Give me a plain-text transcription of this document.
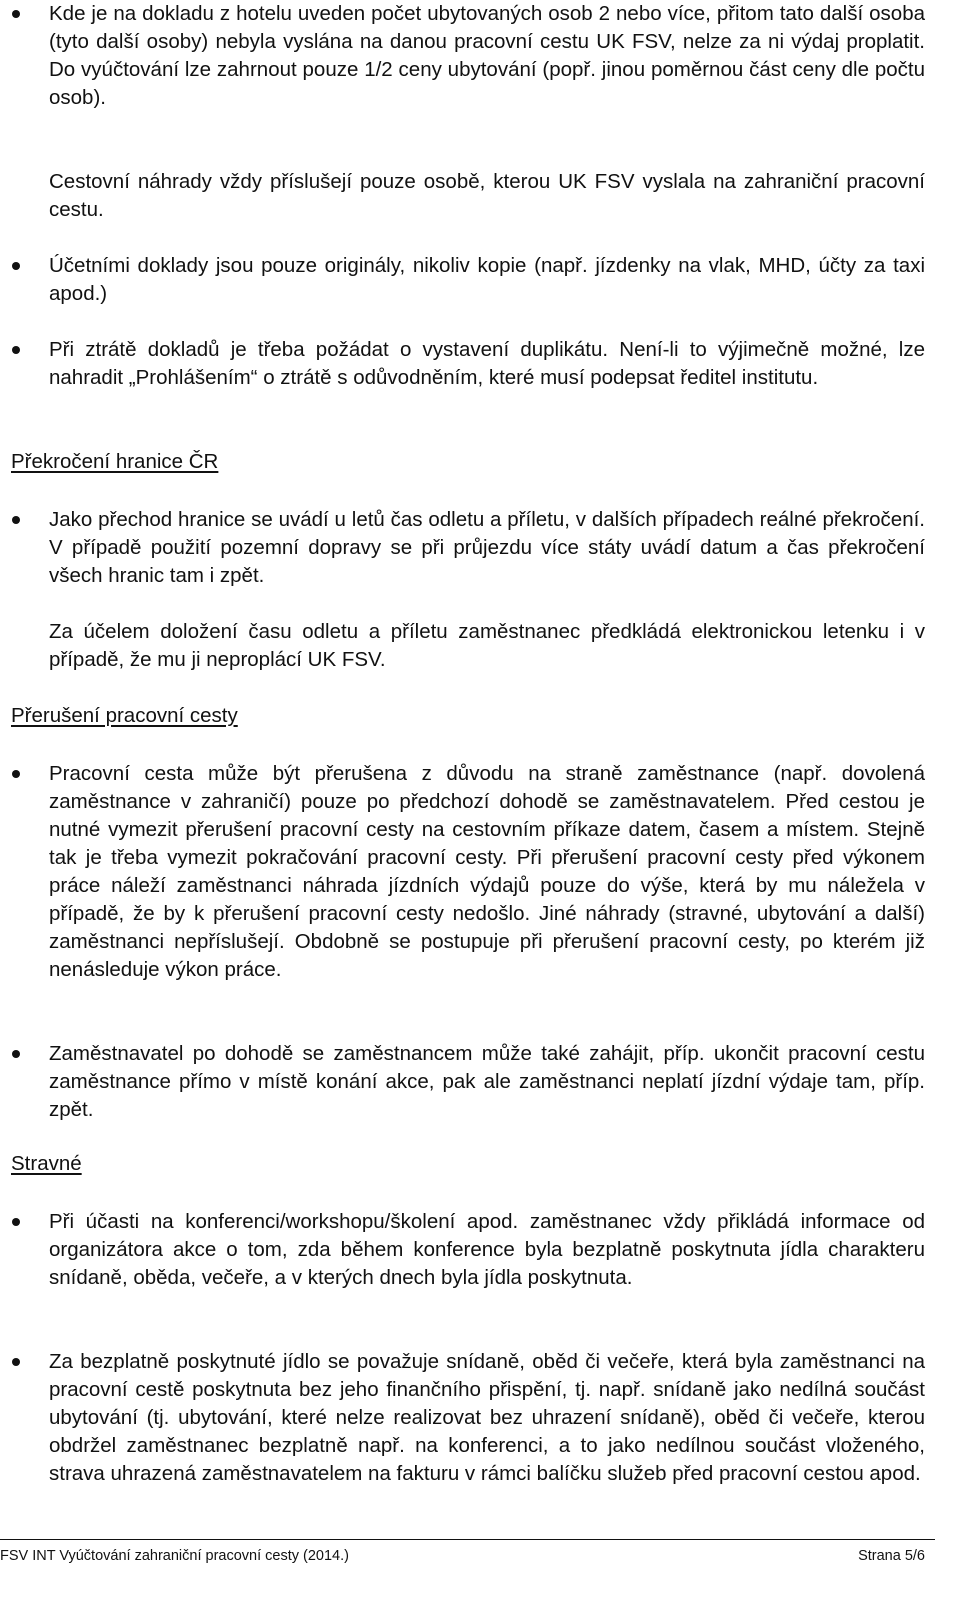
Kde je na dokladu z hotelu uveden počet ubytovaných osob 2 nebo více, přitom tato další osoba (tyto další osoby) nebyla vyslána na danou pracovní cestu UK FSV, nelze za ni výdaj proplatit. Do vyúčtování lze zahrnout pouze 1/2 ceny ubytování (popř. jinou poměrnou část ceny dle počtu osob).
Cestovní náhrady vždy příslušejí pouze osobě, kterou UK FSV vyslala na zahraniční pracovní cestu.
Účetními doklady jsou pouze originály, nikoliv kopie (např. jízdenky na vlak, MHD, účty za taxi apod.)
Při ztrátě dokladů je třeba požádat o vystavení duplikátu. Není-li to výjimečně možné, lze nahradit „Prohlášením“ o ztrátě s odůvodněním, které musí podepsat ředitel institutu.
Překročení hranice ČR
Jako přechod hranice se uvádí u letů čas odletu a příletu, v dalších případech reálné překročení. V případě použití pozemní dopravy se při průjezdu více státy uvádí datum a čas překročení všech hranic tam i zpět.
Za účelem doložení času odletu a příletu zaměstnanec předkládá elektronickou letenku i v případě, že mu ji neproplácí UK FSV.
Přerušení pracovní cesty
Pracovní cesta může být přerušena z důvodu na straně zaměstnance (např. dovolená zaměstnance v zahraničí) pouze po předchozí dohodě se zaměstnavatelem. Před cestou je nutné vymezit přerušení pracovní cesty na cestovním příkaze datem, časem a místem. Stejně tak je třeba vymezit pokračování pracovní cesty. Při přerušení pracovní cesty před výkonem práce náleží zaměstnanci náhrada jízdních výdajů pouze do výše, která by mu náležela v případě, že by k přerušení pracovní cesty nedošlo. Jiné náhrady (stravné, ubytování a další) zaměstnanci nepříslušejí. Obdobně se postupuje při přerušení pracovní cesty, po kterém již nenásleduje výkon práce.
Zaměstnavatel po dohodě se zaměstnancem může také zahájit, příp. ukončit pracovní cestu zaměstnance přímo v místě konání akce, pak ale zaměstnanci neplatí jízdní výdaje tam, příp. zpět.
Stravné
Při účasti na konferenci/workshopu/školení apod. zaměstnanec vždy přikládá informace od organizátora akce o tom, zda během konference byla bezplatně poskytnuta jídla charakteru snídaně, oběda, večeře, a v kterých dnech byla jídla poskytnuta.
Za bezplatně poskytnuté jídlo se považuje snídaně, oběd či večeře, která byla zaměstnanci na pracovní cestě poskytnuta bez jeho finančního přispění, tj. např. snídaně jako nedílná součást ubytování (tj. ubytování, které nelze realizovat bez uhrazení snídaně), oběd či večeře, kterou obdržel zaměstnanec bezplatně např. na konferenci, a to jako nedílnou součást vloženého, strava uhrazená zaměstnavatelem na fakturu v rámci balíčku služeb před pracovní cestou apod.
FSV INT Vyúčtování zahraniční pracovní cesty (2014.)	Strana 5/6
